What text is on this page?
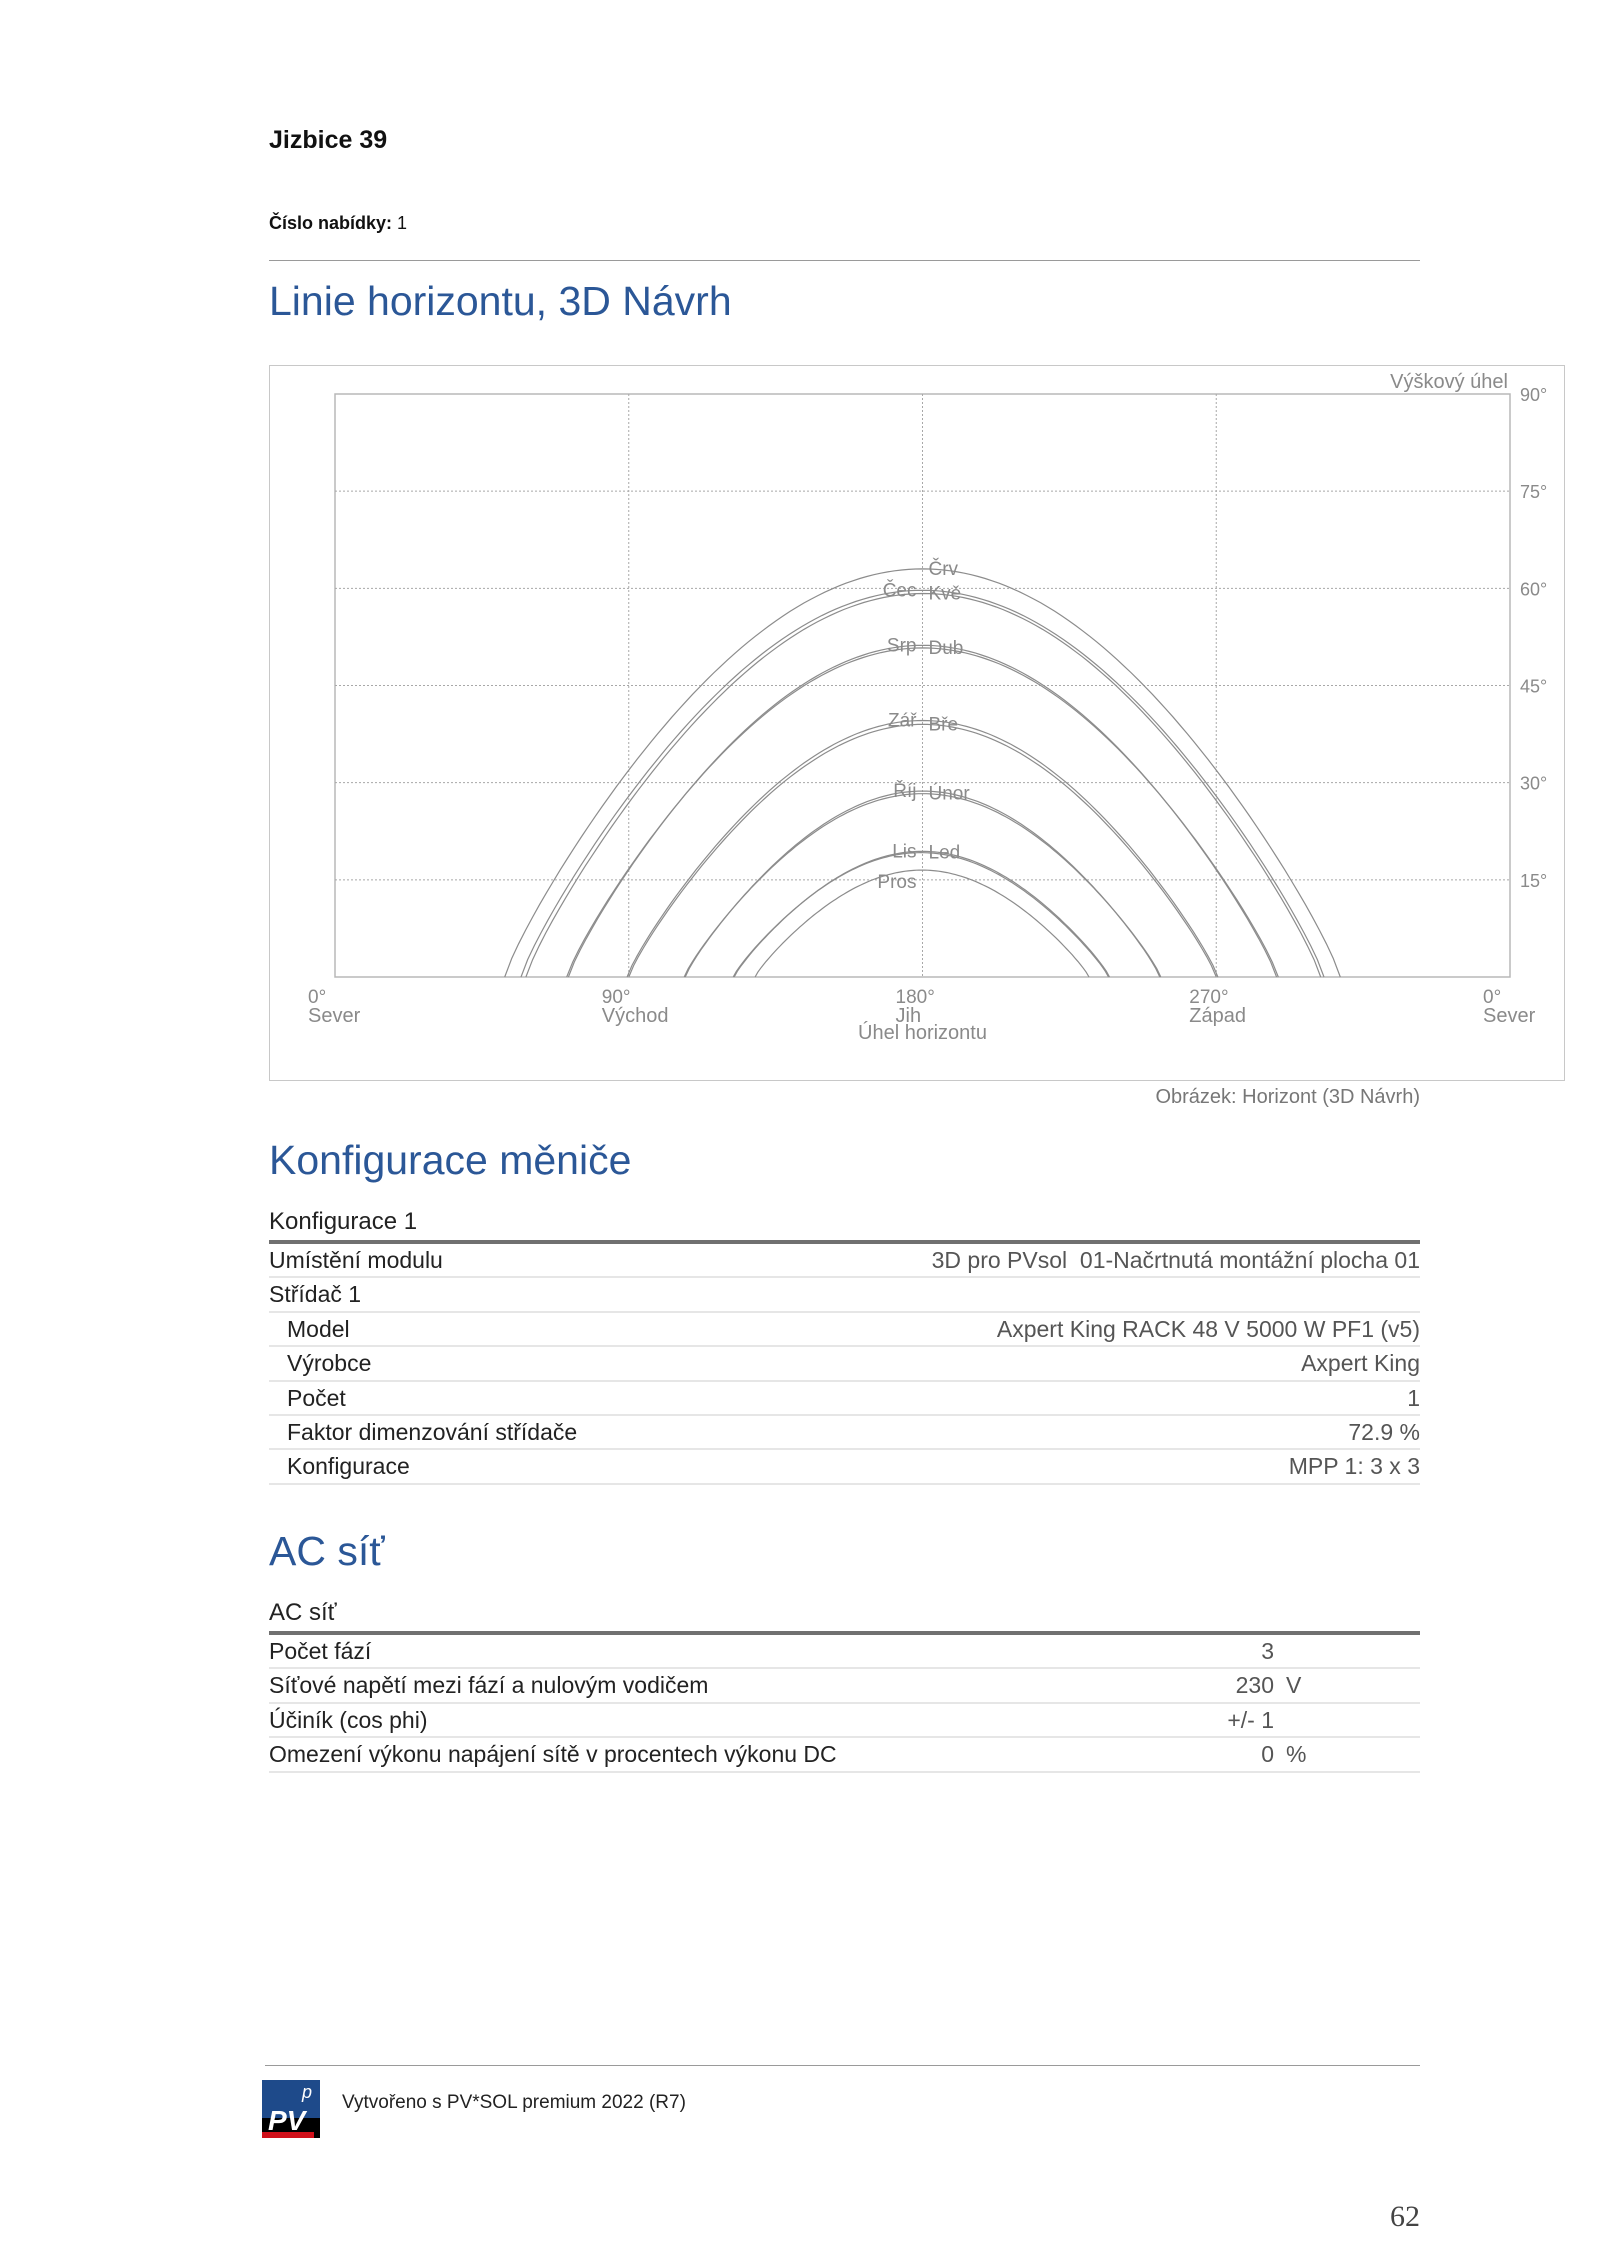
Jizbice 39
Číslo nabídky: 1
Linie horizontu, 3D Návrh
15°
30°
45°
60°
75°
90°
0°
Sever
90°
Východ
180°
Jih
270°
Západ
0°
Sever
Úhel horizontu
Výškový úhel
Črv
Kvě
Čec
Dub
Srp
Bře
Zář
Únor
Říj
Led
Lis
Pros
Obrázek: Horizont (3D Návrh)
Konfigurace měniče
Konfigurace 1
Umístění modulu	3D pro PVsol  01-Načrtnutá montážní plocha 01
Střídač 1
Model	Axpert King RACK 48 V 5000 W PF1 (v5)
Výrobce	Axpert King
Počet	1
Faktor dimenzování střídače	72.9 %
Konfigurace	MPP 1: 3 x 3
AC síť
AC síť
Počet fází	3
Síťové napětí mezi fází a nulovým vodičem	230 V
Účiník (cos phi)	+/- 1
Omezení výkonu napájení sítě v procentech výkonu DC	0 %
p
PV
Vytvořeno s PV*SOL premium 2022 (R7)
62
